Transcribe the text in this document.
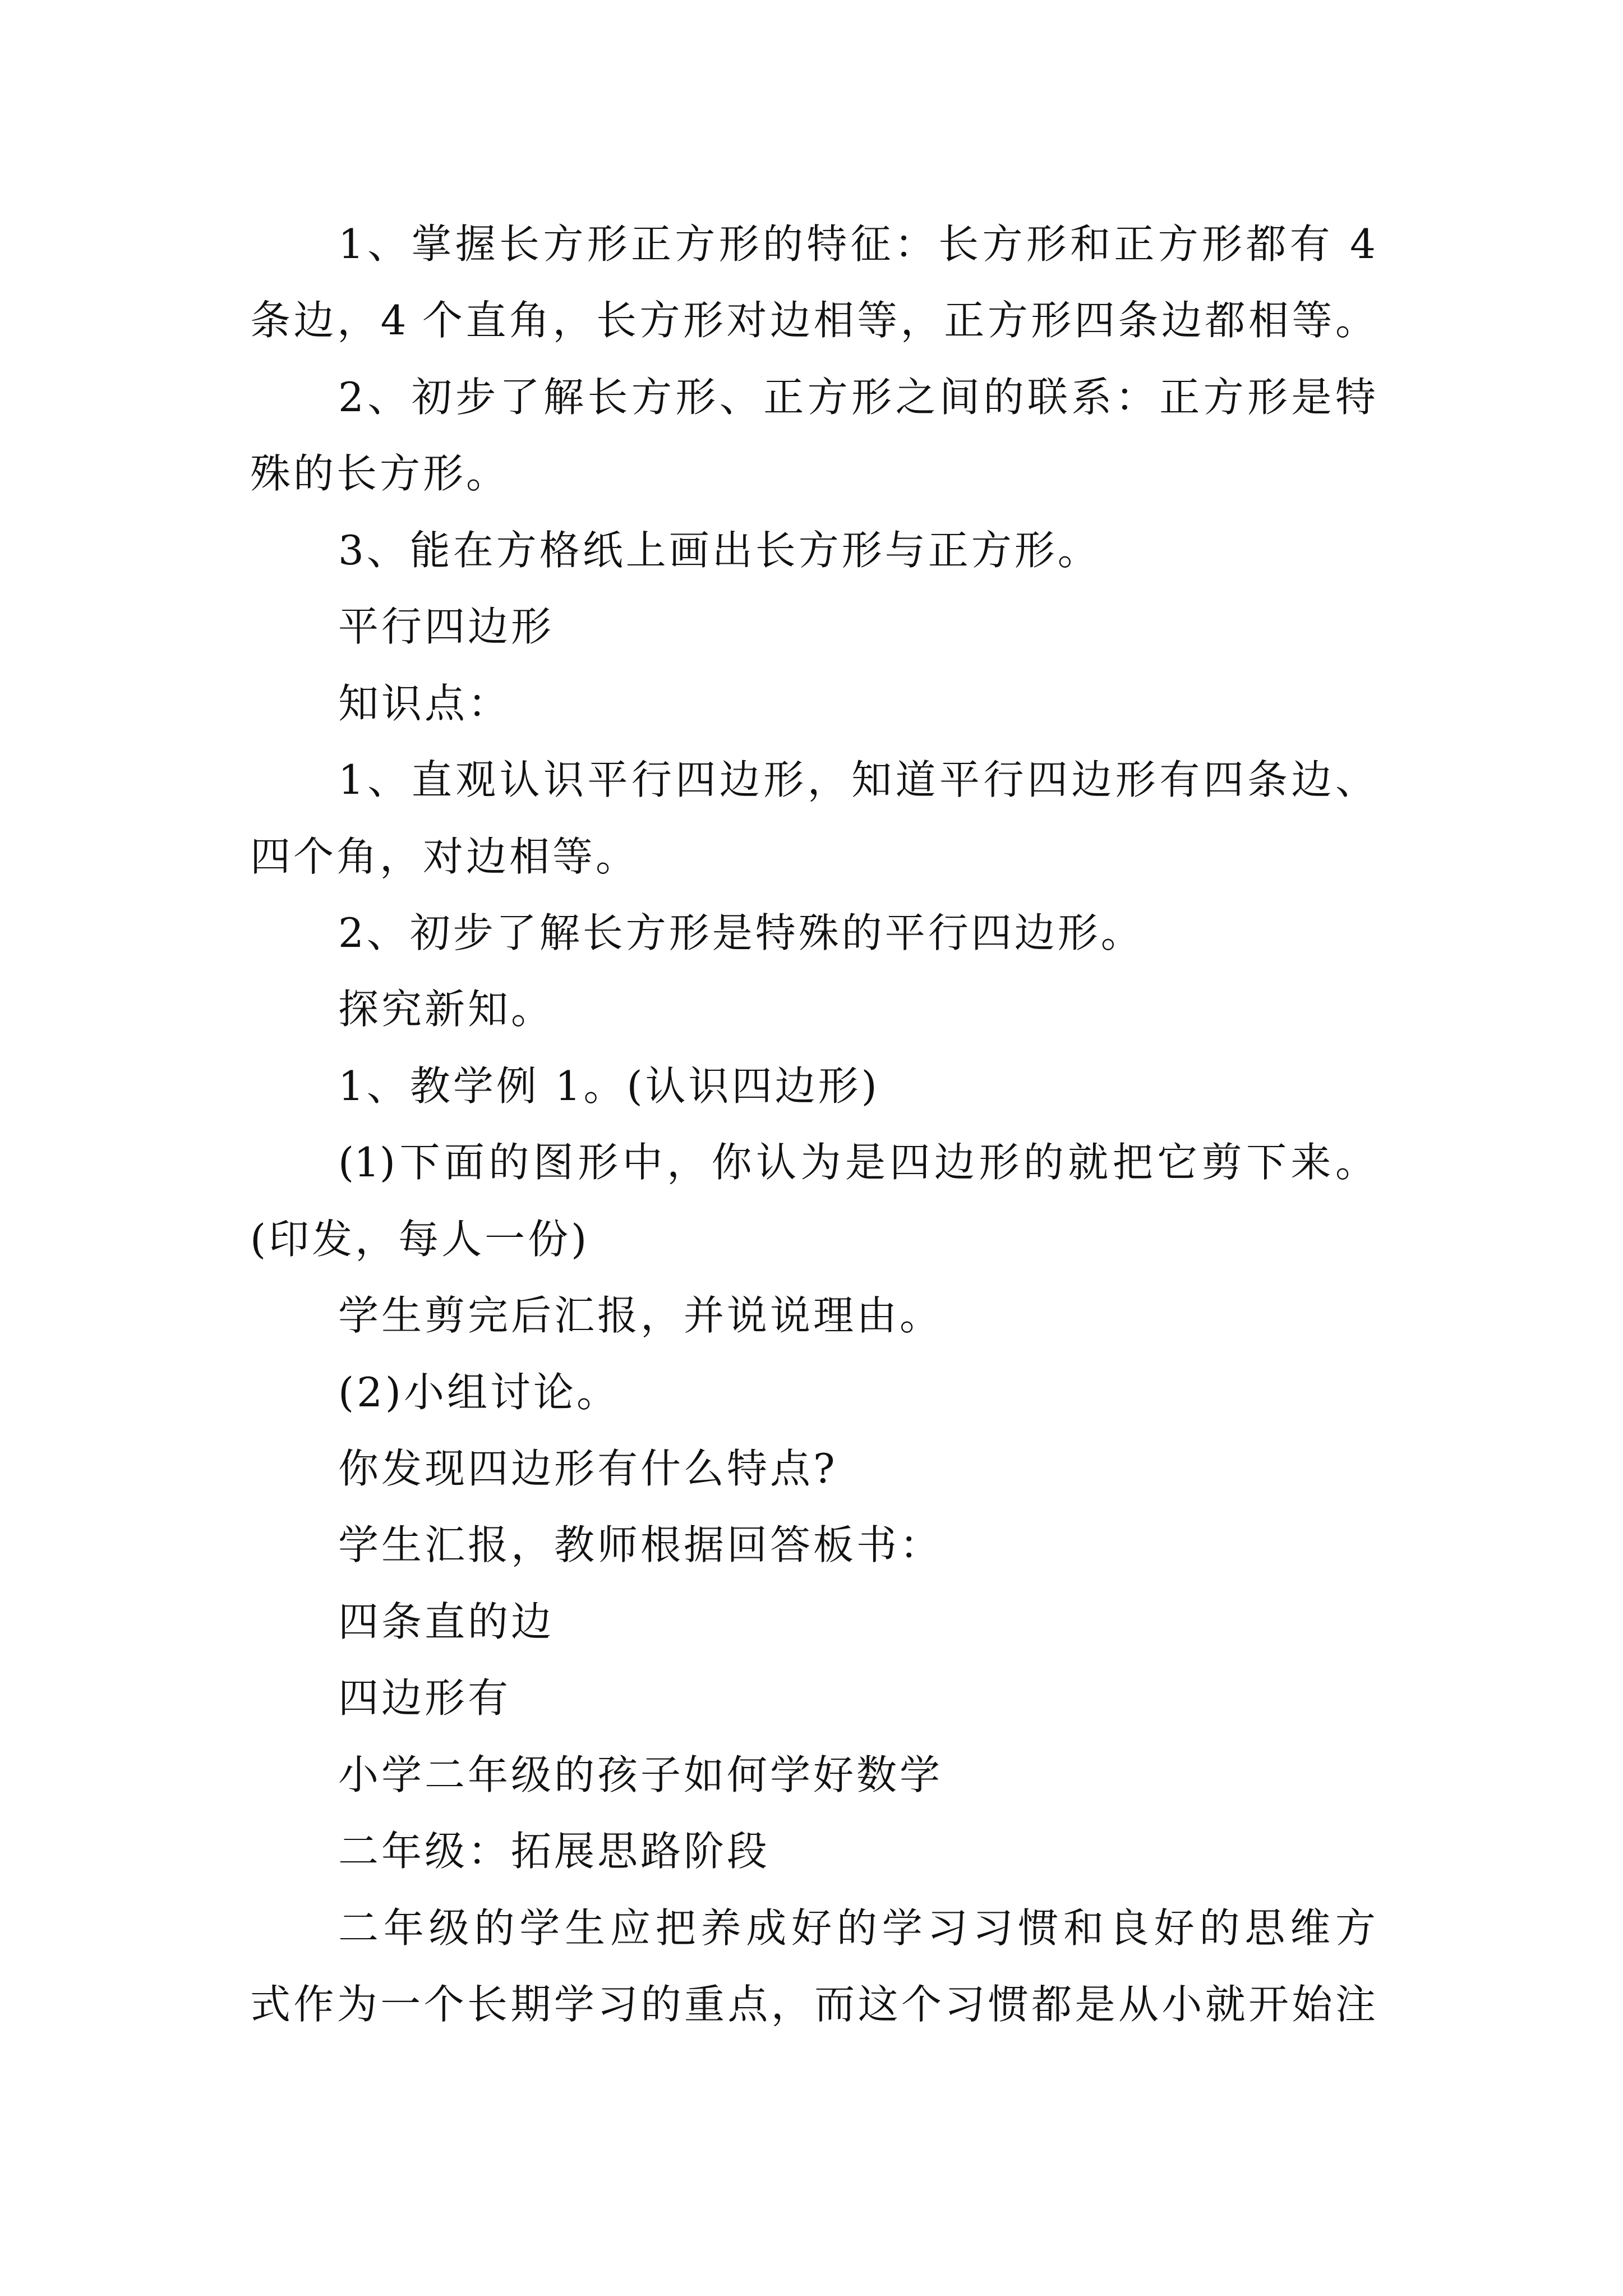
1、掌握长方形正方形的特征：长方形和正方形都有 4
条边，4 个直角，长方形对边相等，正方形四条边都相等。
2、初步了解长方形、正方形之间的联系：正方形是特
殊的长方形。
3、能在方格纸上画出长方形与正方形。
平行四边形
知识点：
1、直观认识平行四边形，知道平行四边形有四条边、
四个角，对边相等。
2、初步了解长方形是特殊的平行四边形。
探究新知。
1、教学例 1。(认识四边形)
(1)下面的图形中，你认为是四边形的就把它剪下来。
(印发，每人一份)
学生剪完后汇报，并说说理由。
(2)小组讨论。
你发现四边形有什么特点?
学生汇报，教师根据回答板书：
四条直的边
四边形有
小学二年级的孩子如何学好数学
二年级：拓展思路阶段
二年级的学生应把养成好的学习习惯和良好的思维方
式作为一个长期学习的重点，而这个习惯都是从小就开始注
